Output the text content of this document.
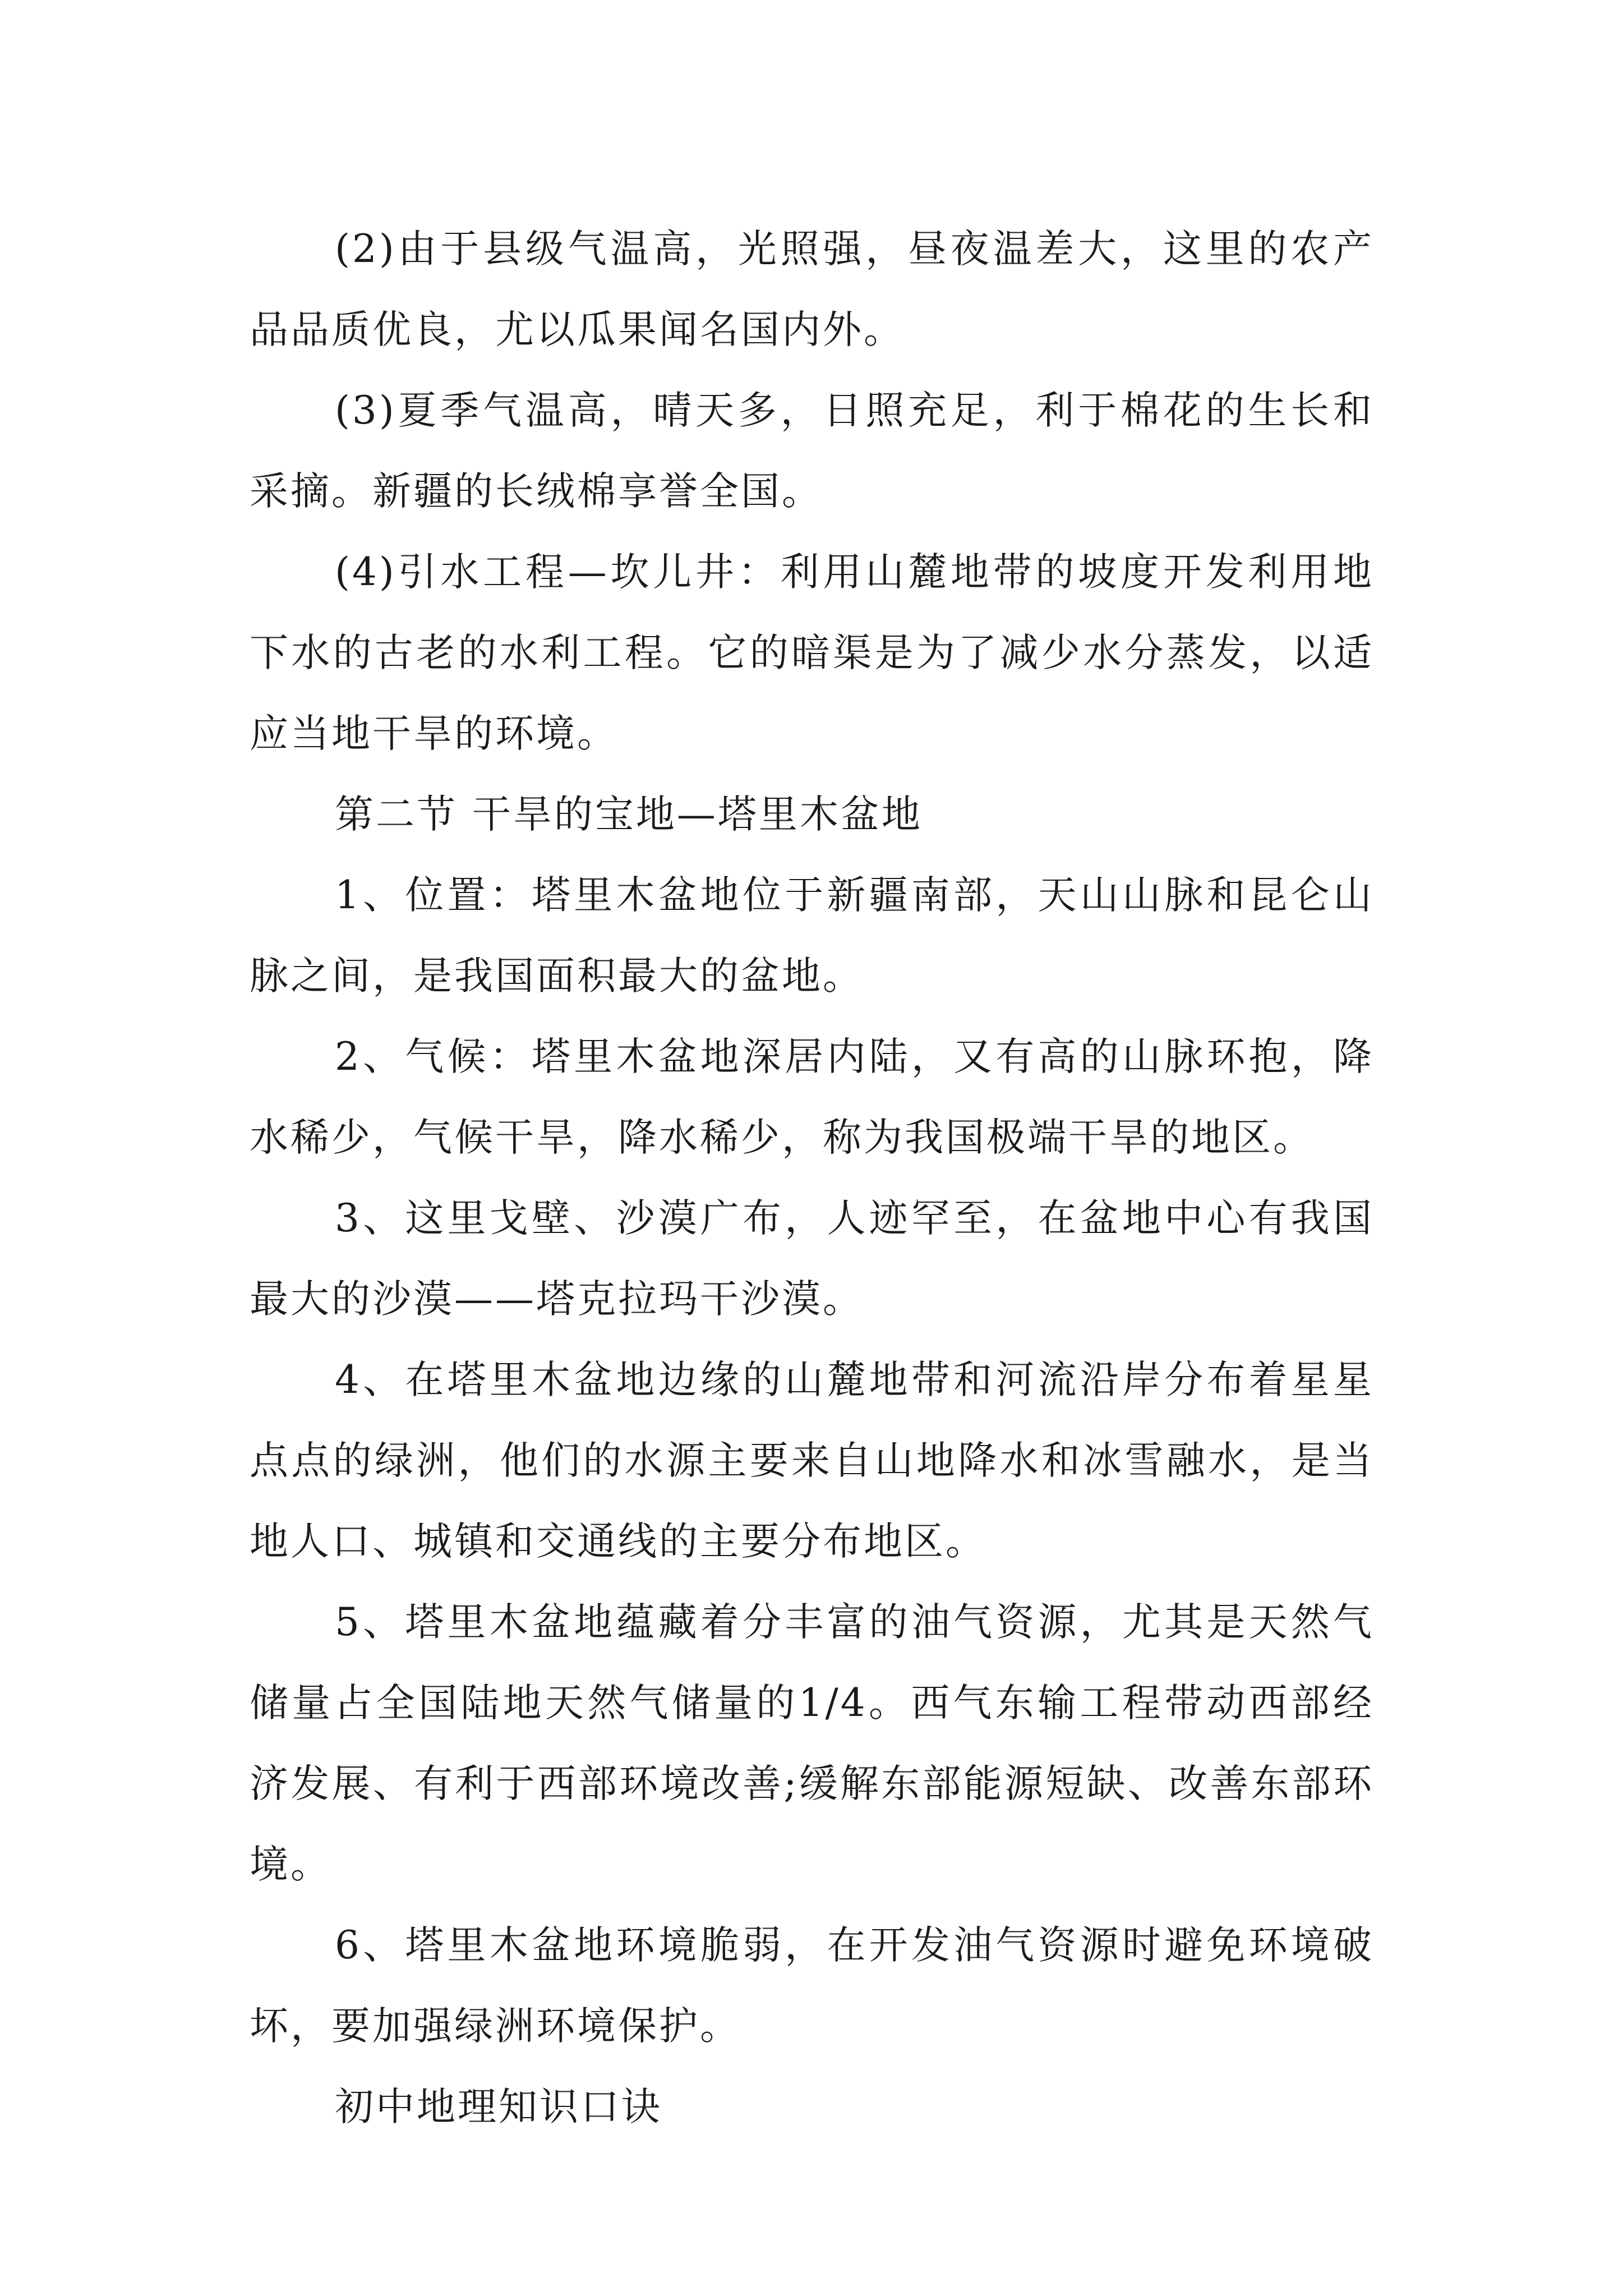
(2)由于县级气温高，光照强，昼夜温差大，这里的农产品品质优良，尤以瓜果闻名国内外。

(3)夏季气温高，晴天多，日照充足，利于棉花的生长和采摘。新疆的长绒棉享誉全国。

(4)引水工程—坎儿井：利用山麓地带的坡度开发利用地下水的古老的水利工程。它的暗渠是为了减少水分蒸发，以适应当地干旱的环境。

第二节 干旱的宝地—塔里木盆地

1、位置：塔里木盆地位于新疆南部，天山山脉和昆仑山脉之间，是我国面积最大的盆地。

2、气候：塔里木盆地深居内陆，又有高的山脉环抱，降水稀少，气候干旱，降水稀少，称为我国极端干旱的地区。

3、这里戈壁、沙漠广布，人迹罕至，在盆地中心有我国最大的沙漠——塔克拉玛干沙漠。

4、在塔里木盆地边缘的山麓地带和河流沿岸分布着星星点点的绿洲，他们的水源主要来自山地降水和冰雪融水，是当地人口、城镇和交通线的主要分布地区。

5、塔里木盆地蕴藏着分丰富的油气资源，尤其是天然气储量占全国陆地天然气储量的1/4。西气东输工程带动西部经济发展、有利于西部环境改善;缓解东部能源短缺、改善东部环境。

6、塔里木盆地环境脆弱，在开发油气资源时避免环境破坏，要加强绿洲环境保护。

初中地理知识口诀
